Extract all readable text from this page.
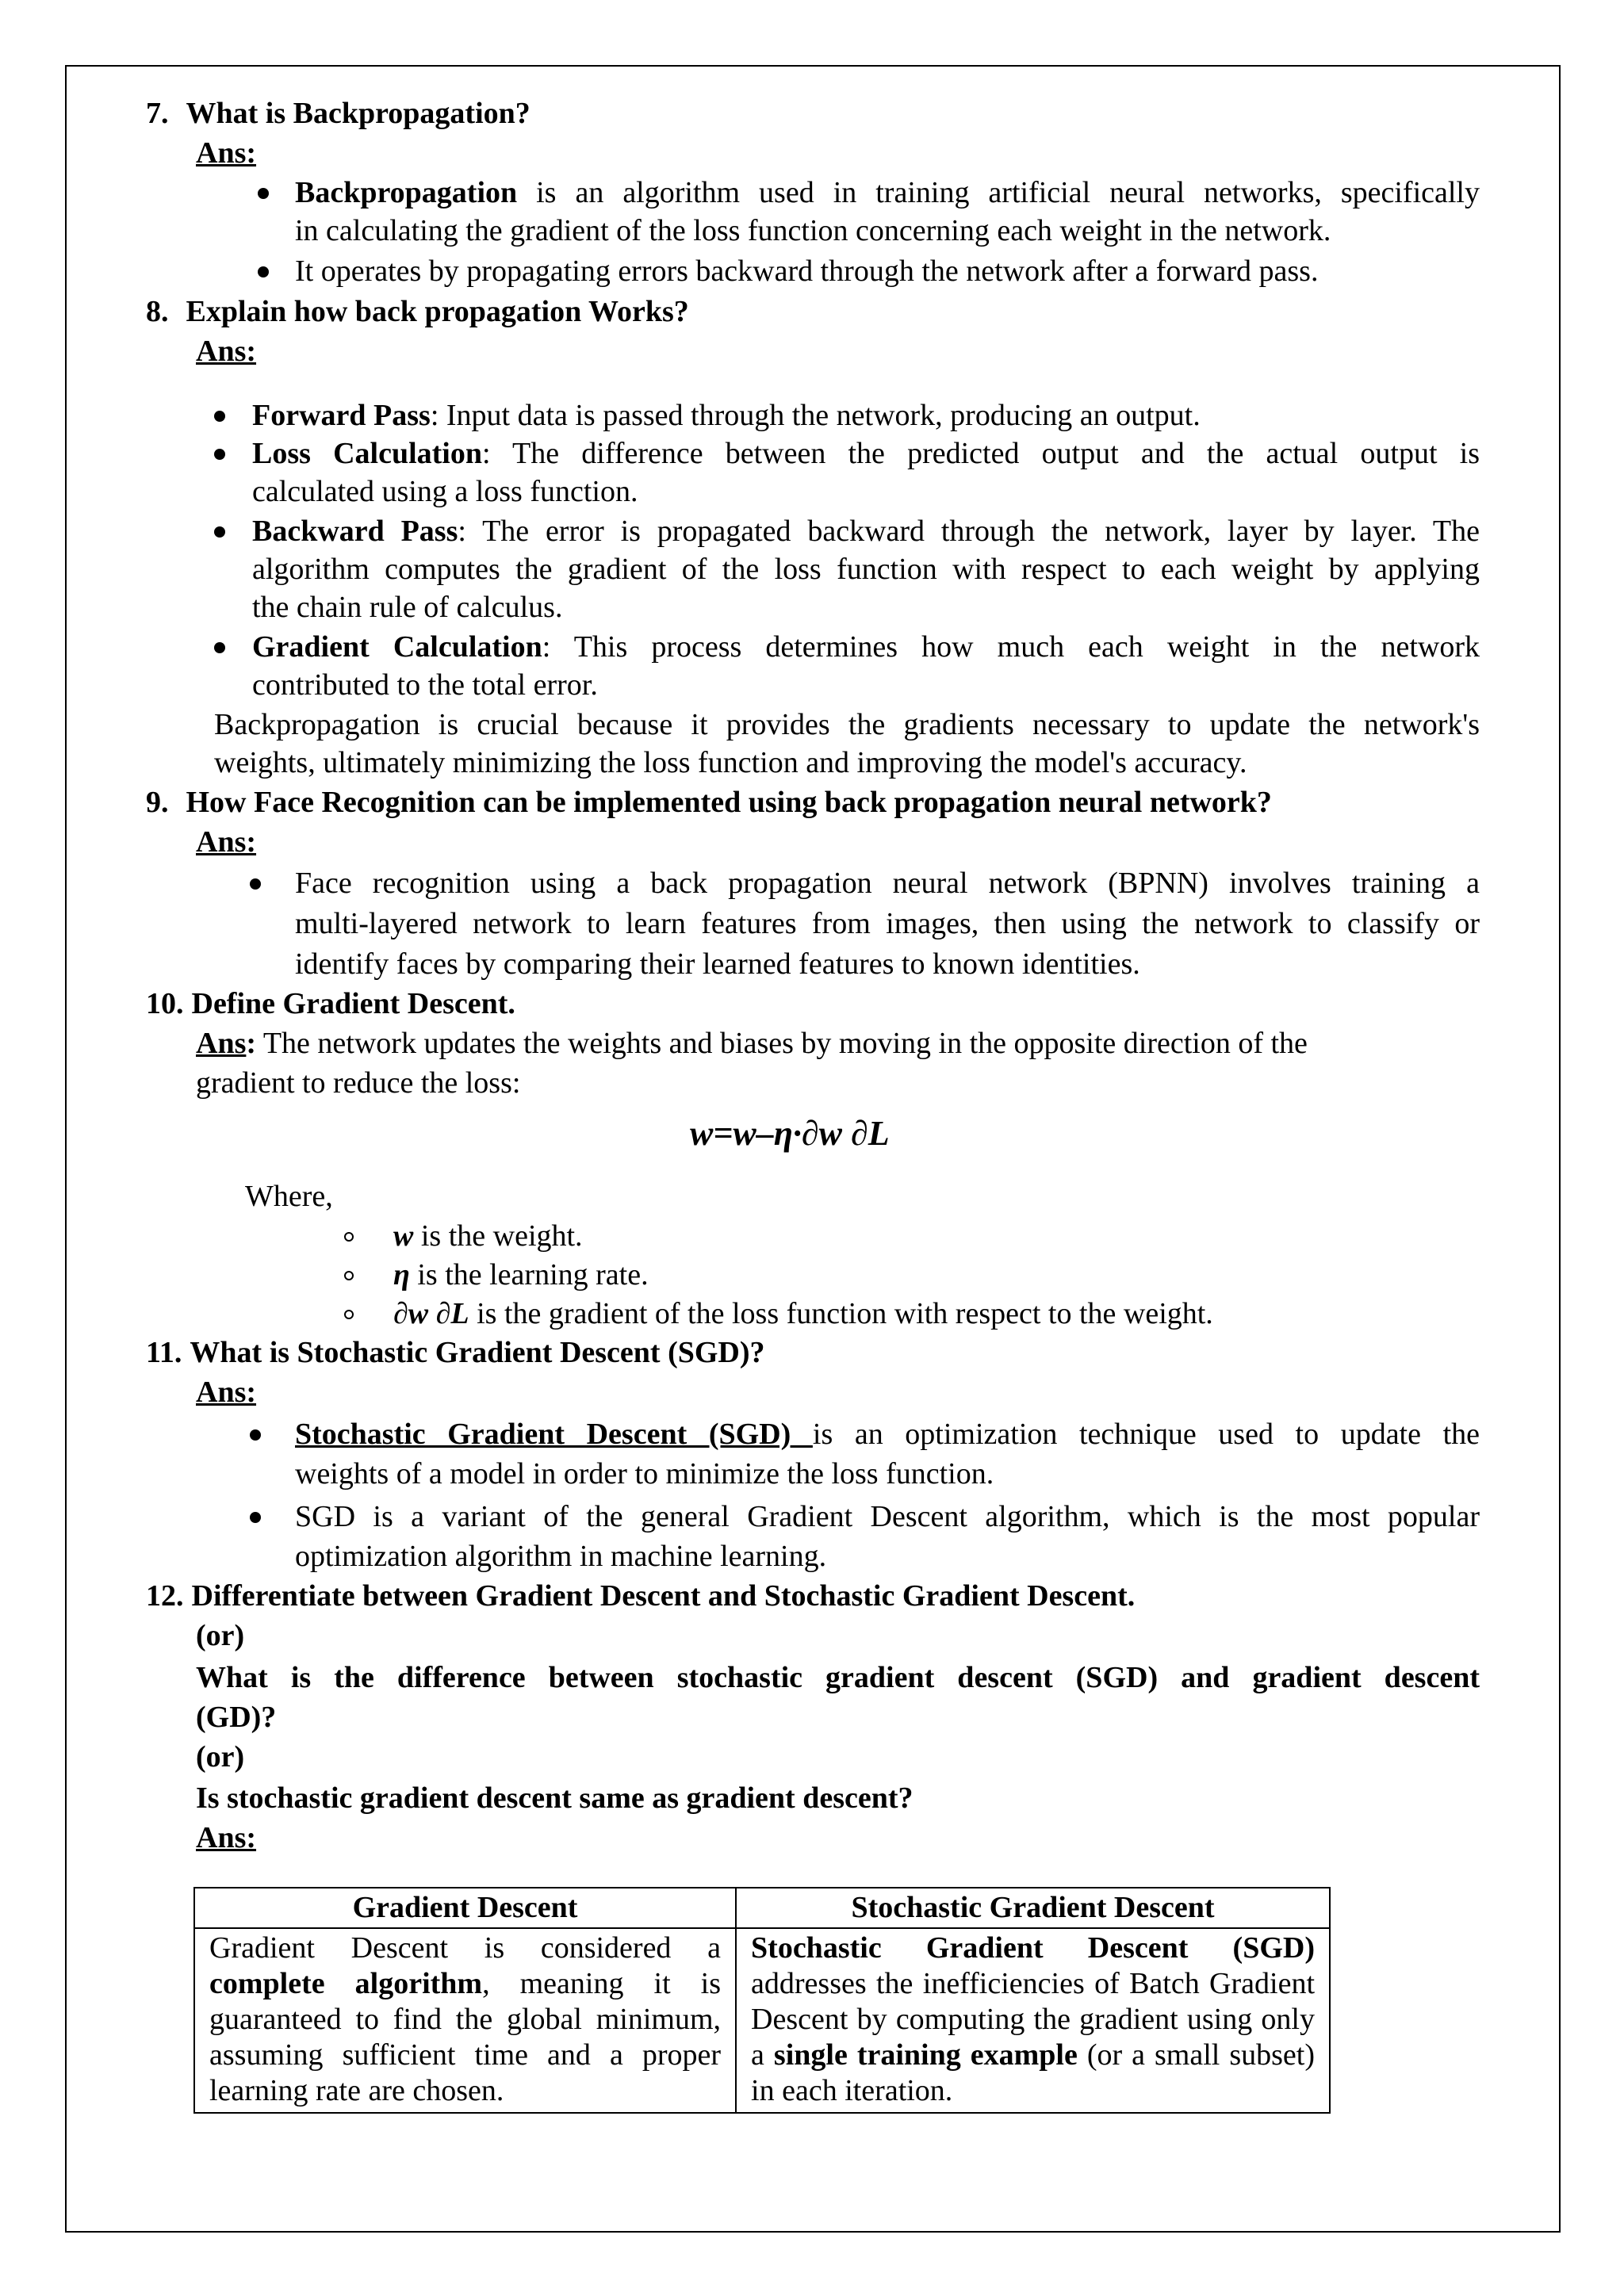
7. What is Backpropagation?
Ans:
Backpropagation is an algorithm used in training artificial neural networks, specifically
in calculating the gradient of the loss function concerning each weight in the network.
It operates by propagating errors backward through the network after a forward pass.
8. Explain how back propagation Works?
Ans:
Forward Pass: Input data is passed through the network, producing an output.
Loss Calculation: The difference between the predicted output and the actual output is
calculated using a loss function.
Backward Pass: The error is propagated backward through the network, layer by layer. The
algorithm computes the gradient of the loss function with respect to each weight by applying
the chain rule of calculus.
Gradient Calculation: This process determines how much each weight in the network
contributed to the total error.
Backpropagation is crucial because it provides the gradients necessary to update the network's
weights, ultimately minimizing the loss function and improving the model's accuracy.
9. How Face Recognition can be implemented using back propagation neural network?
Ans:
Face recognition using a back propagation neural network (BPNN) involves training a
multi-layered network to learn features from images, then using the network to classify or
identify faces by comparing their learned features to known identities.
10. Define Gradient Descent.
Ans: The network updates the weights and biases by moving in the opposite direction of the
gradient to reduce the loss:
w=w–η·∂w ∂L
Where,
w is the weight.
η is the learning rate.
∂w ∂L is the gradient of the loss function with respect to the weight.
11. What is Stochastic Gradient Descent (SGD)?
Ans:
Stochastic Gradient Descent (SGD) is an optimization technique used to update the
weights of a model in order to minimize the loss function.
SGD is a variant of the general Gradient Descent algorithm, which is the most popular
optimization algorithm in machine learning.
12. Differentiate between Gradient Descent and Stochastic Gradient Descent.
(or)
What is the difference between stochastic gradient descent (SGD) and gradient descent
(GD)?
(or)
Is stochastic gradient descent same as gradient descent?
Ans:
Gradient Descent	Stochastic Gradient Descent
Gradient Descent is considered a complete algorithm, meaning it is guaranteed to find the global minimum, assuming sufficient time and a proper learning rate are chosen.	Stochastic Gradient Descent (SGD) addresses the inefficiencies of Batch Gradient Descent by computing the gradient using only a single training example (or a small subset) in each iteration.
